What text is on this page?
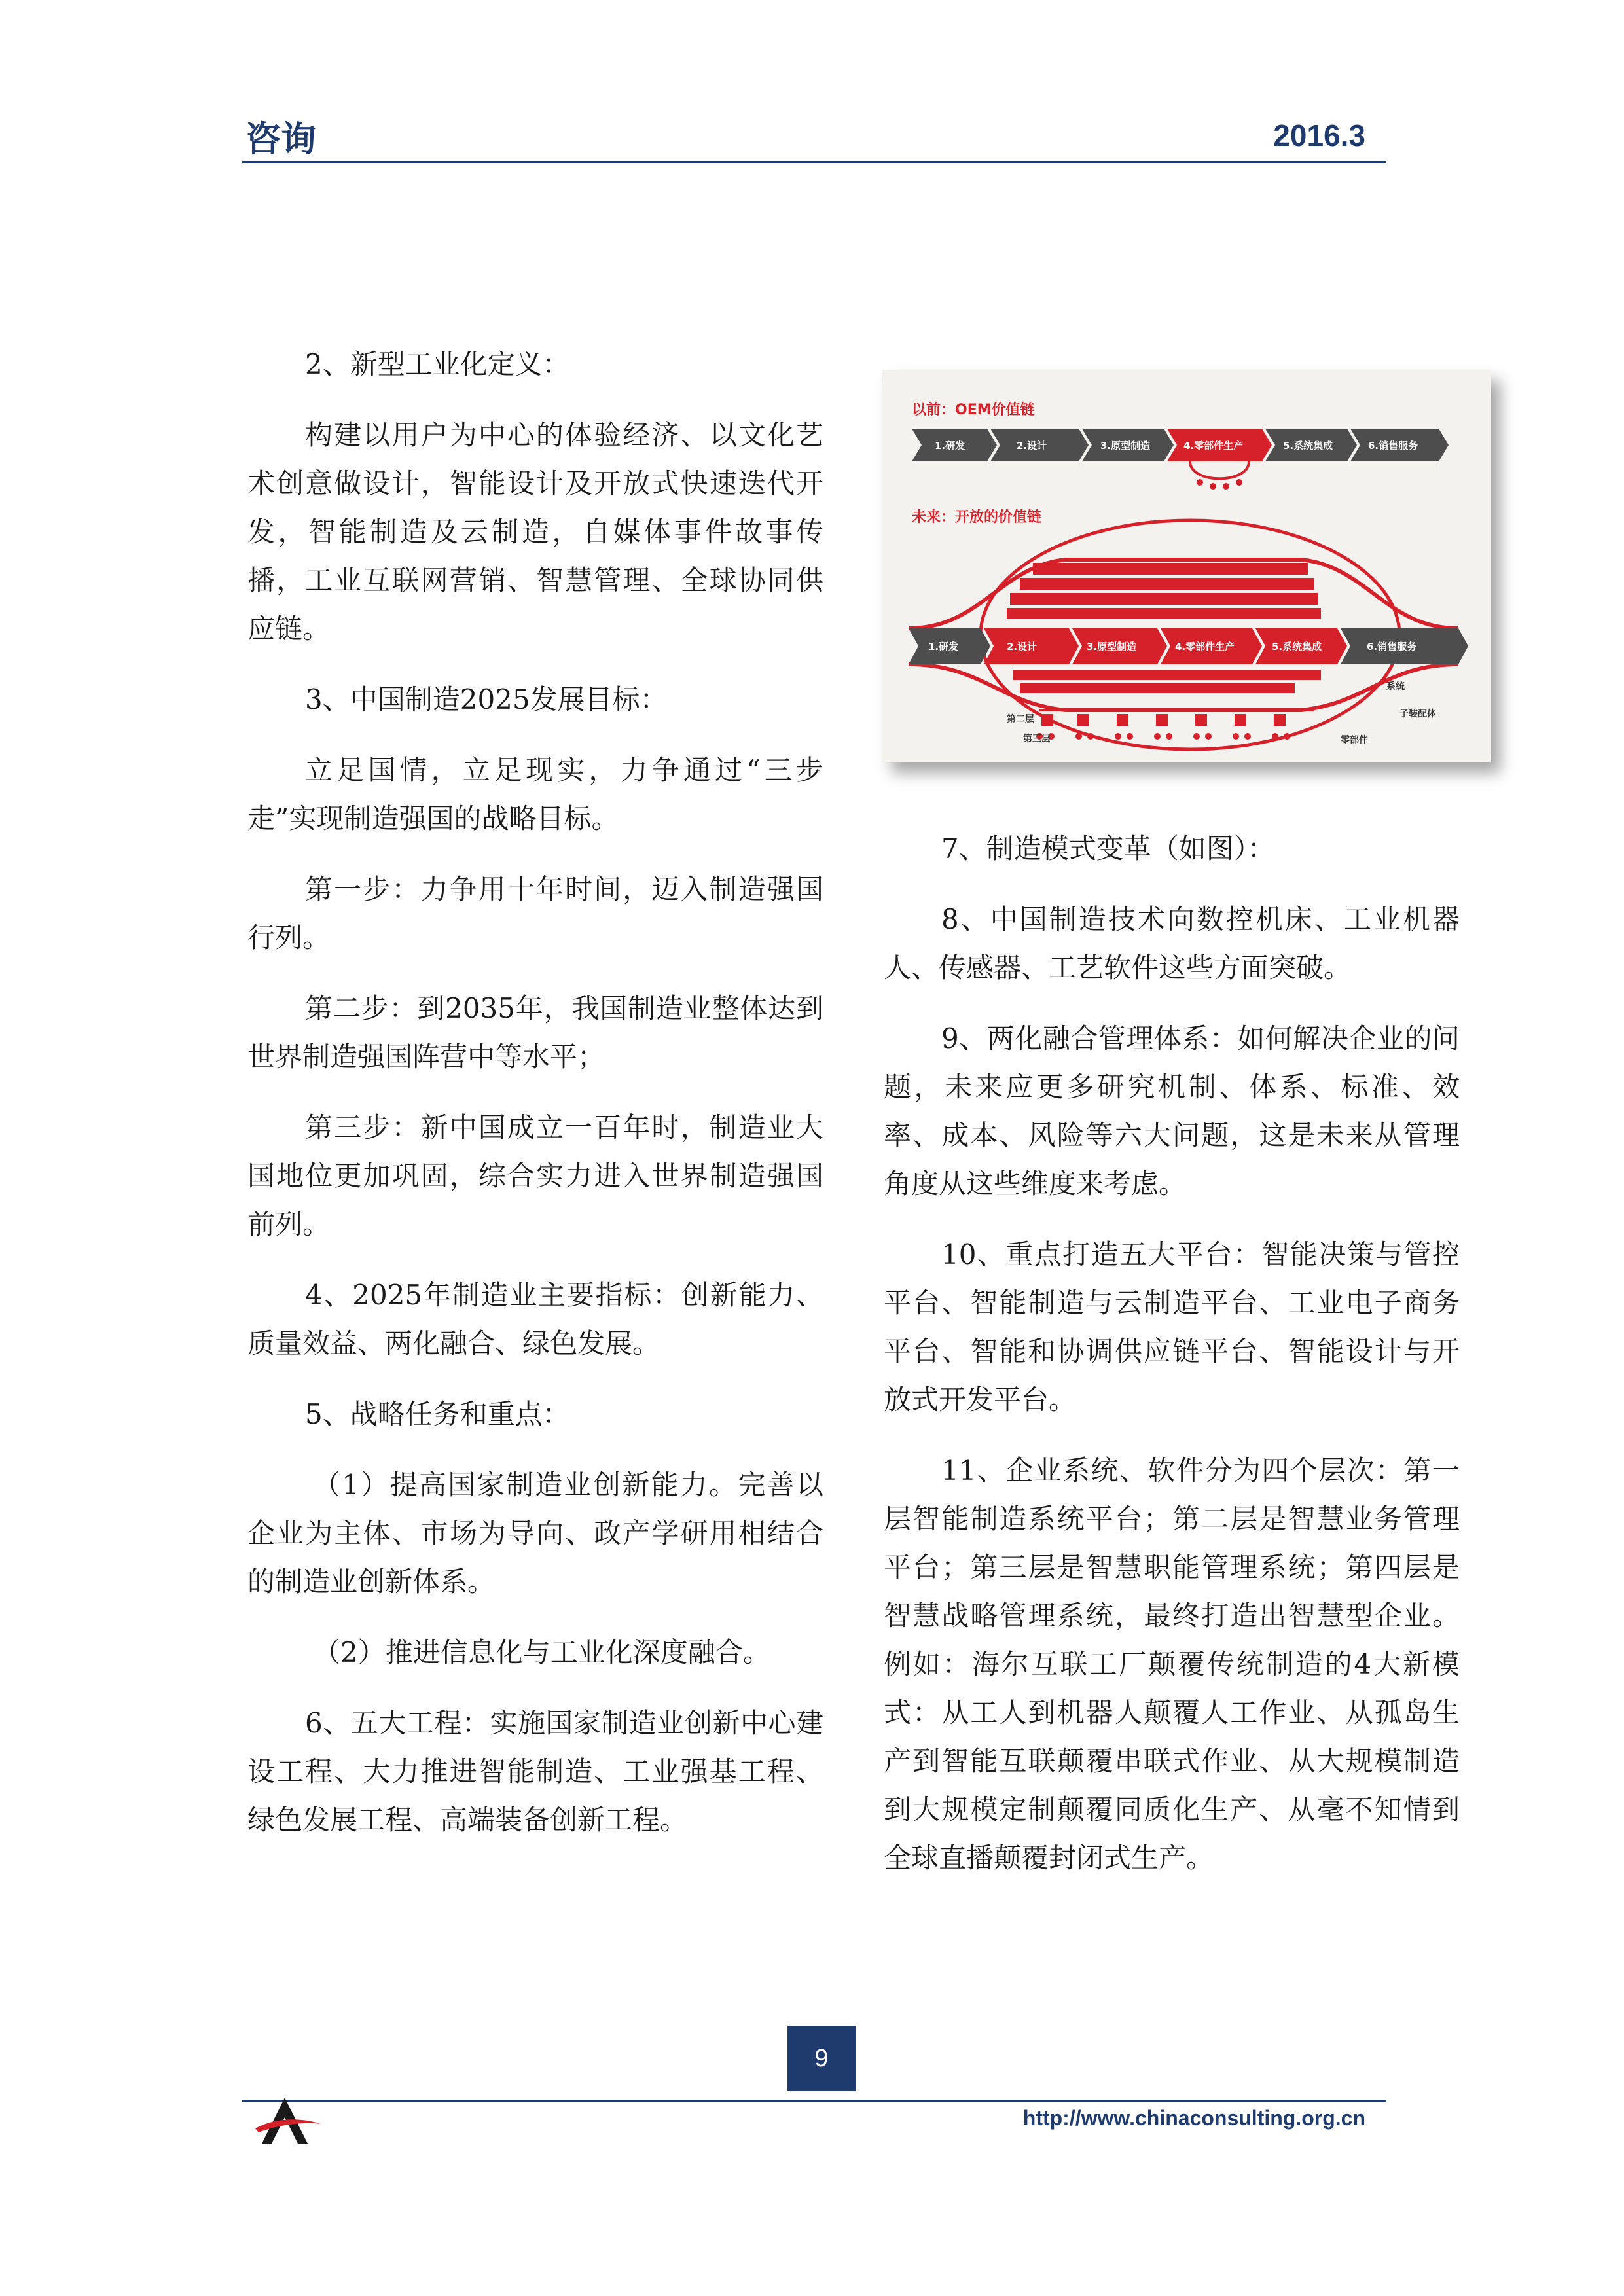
咨询	2016.3

2、新型工业化定义：

构建以用户为中心的体验经济、以文化艺术创意做设计，智能设计及开放式快速迭代开发，智能制造及云制造，自媒体事件故事传播，工业互联网营销、智慧管理、全球协同供应链。

3、中国制造2025发展目标：

立足国情，立足现实，力争通过“三步走”实现制造强国的战略目标。

第一步：力争用十年时间，迈入制造强国行列。

第二步：到2035年，我国制造业整体达到世界制造强国阵营中等水平；

第三步：新中国成立一百年时，制造业大国地位更加巩固，综合实力进入世界制造强国前列。

4、2025年制造业主要指标：创新能力、质量效益、两化融合、绿色发展。

5、战略任务和重点：

（1）提高国家制造业创新能力。完善以企业为主体、市场为导向、政产学研用相结合的制造业创新体系。

（2）推进信息化与工业化深度融合。

6、五大工程：实施国家制造业创新中心建设工程、大力推进智能制造、工业强基工程、绿色发展工程、高端装备创新工程。

以前：OEM价值链
1.研发	2.设计	3.原型制造	4.零部件生产	5.系统集成	6.销售服务
未来：开放的价值链
1.研发	2.设计	3.原型制造	4.零部件生产	5.系统集成	6.销售服务
第二层
第三层
系统
子装配体
零部件

7、制造模式变革（如图）：

8、中国制造技术向数控机床、工业机器人、传感器、工艺软件这些方面突破。

9、两化融合管理体系：如何解决企业的问题，未来应更多研究机制、体系、标准、效率、成本、风险等六大问题，这是未来从管理角度从这些维度来考虑。

10、重点打造五大平台：智能决策与管控平台、智能制造与云制造平台、工业电子商务平台、智能和协调供应链平台、智能设计与开放式开发平台。

11、企业系统、软件分为四个层次：第一层智能制造系统平台；第二层是智慧业务管理平台；第三层是智慧职能管理系统；第四层是智慧战略管理系统，最终打造出智慧型企业。例如：海尔互联工厂颠覆传统制造的4大新模式：从工人到机器人颠覆人工作业、从孤岛生产到智能互联颠覆串联式作业、从大规模制造到大规模定制颠覆同质化生产、从毫不知情到全球直播颠覆封闭式生产。

9
http://www.chinaconsulting.org.cn
